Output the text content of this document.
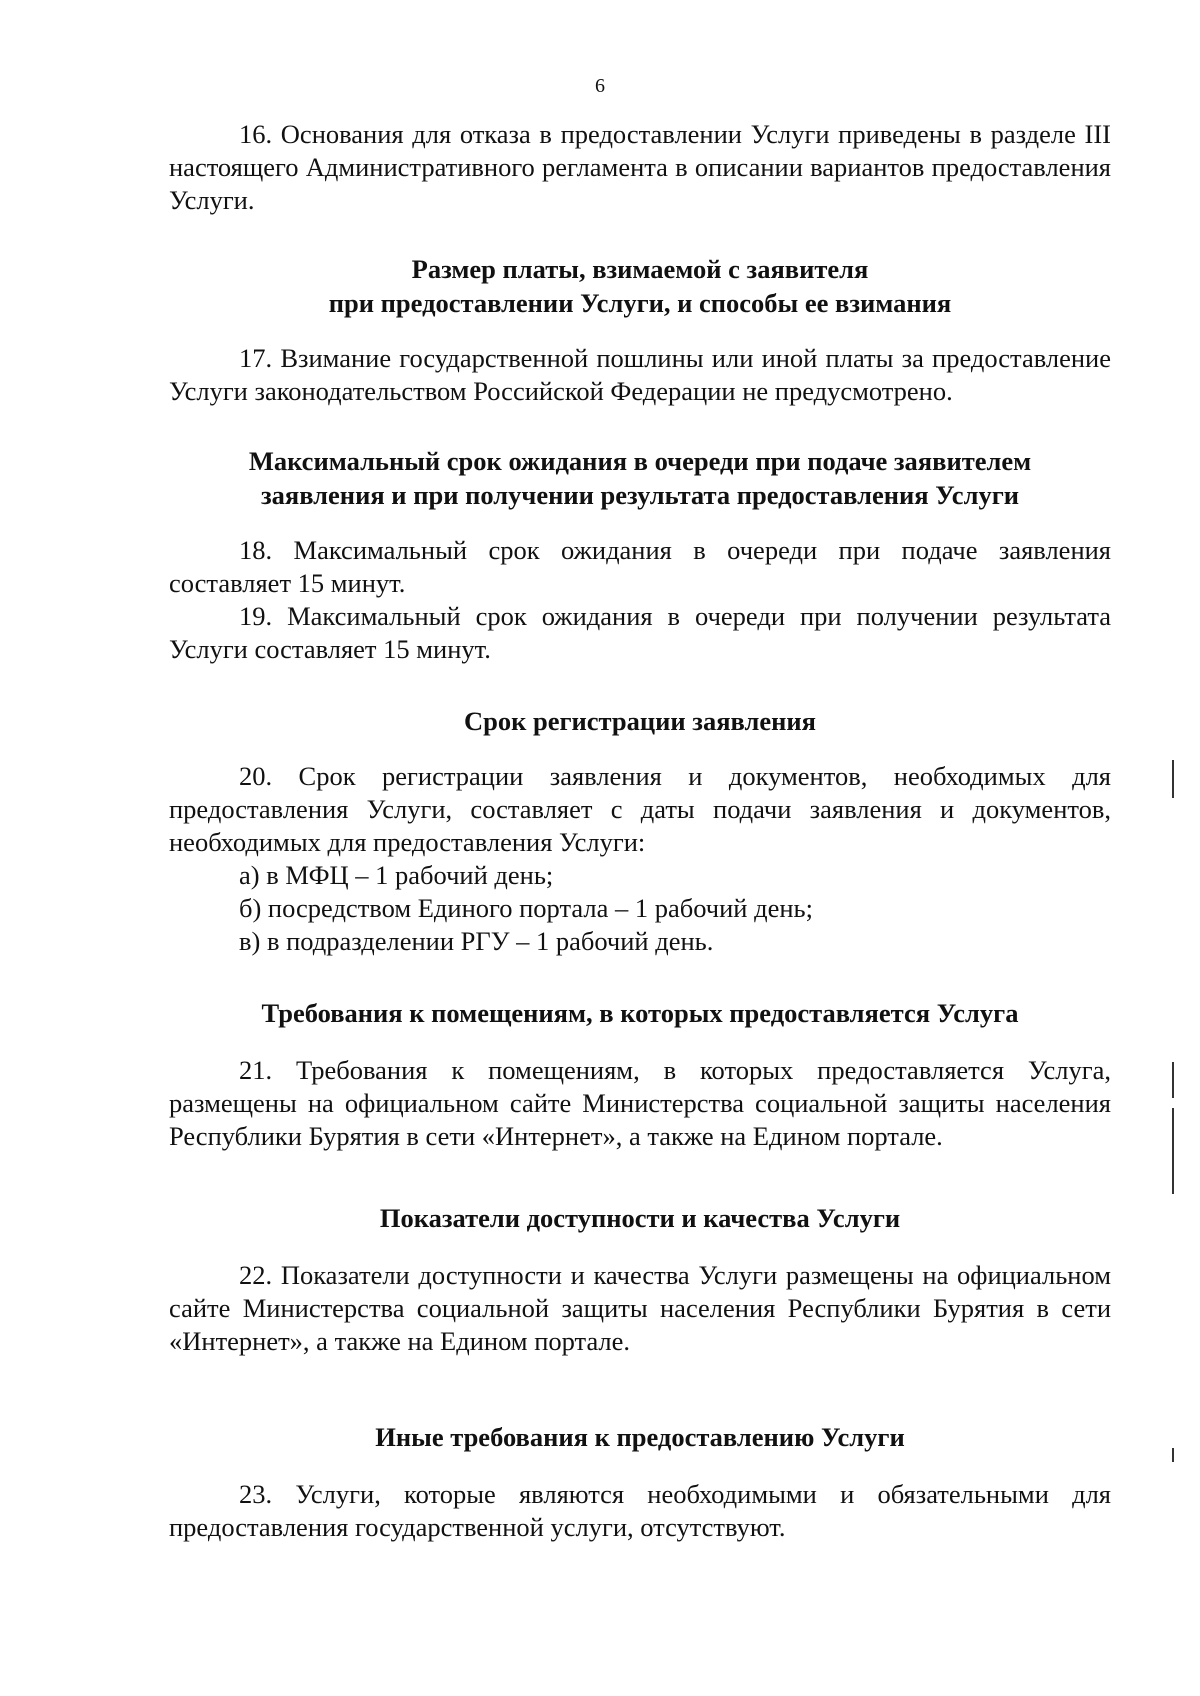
6

16. Основания для отказа в предоставлении Услуги приведены в разделе III настоящего Административного регламента в описании вариантов предоставления Услуги.

Размер платы, взимаемой с заявителя

при предоставлении Услуги, и способы ее взимания

17. Взимание государственной пошлины или иной платы за предоставление Услуги законодательством Российской Федерации не предусмотрено.

Максимальный срок ожидания в очереди при подаче заявителем

заявления и при получении результата предоставления Услуги

18. Максимальный срок ожидания в очереди при подаче заявления составляет 15 минут.

19. Максимальный срок ожидания в очереди при получении результата Услуги составляет 15 минут.

Срок регистрации заявления

20. Срок регистрации заявления и документов, необходимых для предоставления Услуги, составляет с даты подачи заявления и документов, необходимых для предоставления Услуги:

а) в МФЦ – 1 рабочий день;

б) посредством Единого портала – 1 рабочий день;

в) в подразделении РГУ – 1 рабочий день.

Требования к помещениям, в которых предоставляется Услуга

21. Требования к помещениям, в которых предоставляется Услуга, размещены на официальном сайте Министерства социальной защиты населения Республики Бурятия в сети «Интернет», а также на Едином портале.

Показатели доступности и качества Услуги

22. Показатели доступности и качества Услуги размещены на официальном сайте Министерства социальной защиты населения Республики Бурятия в сети «Интернет», а также на Едином портале.

Иные требования к предоставлению Услуги

23. Услуги, которые являются необходимыми и обязательными для предоставления государственной услуги, отсутствуют.
